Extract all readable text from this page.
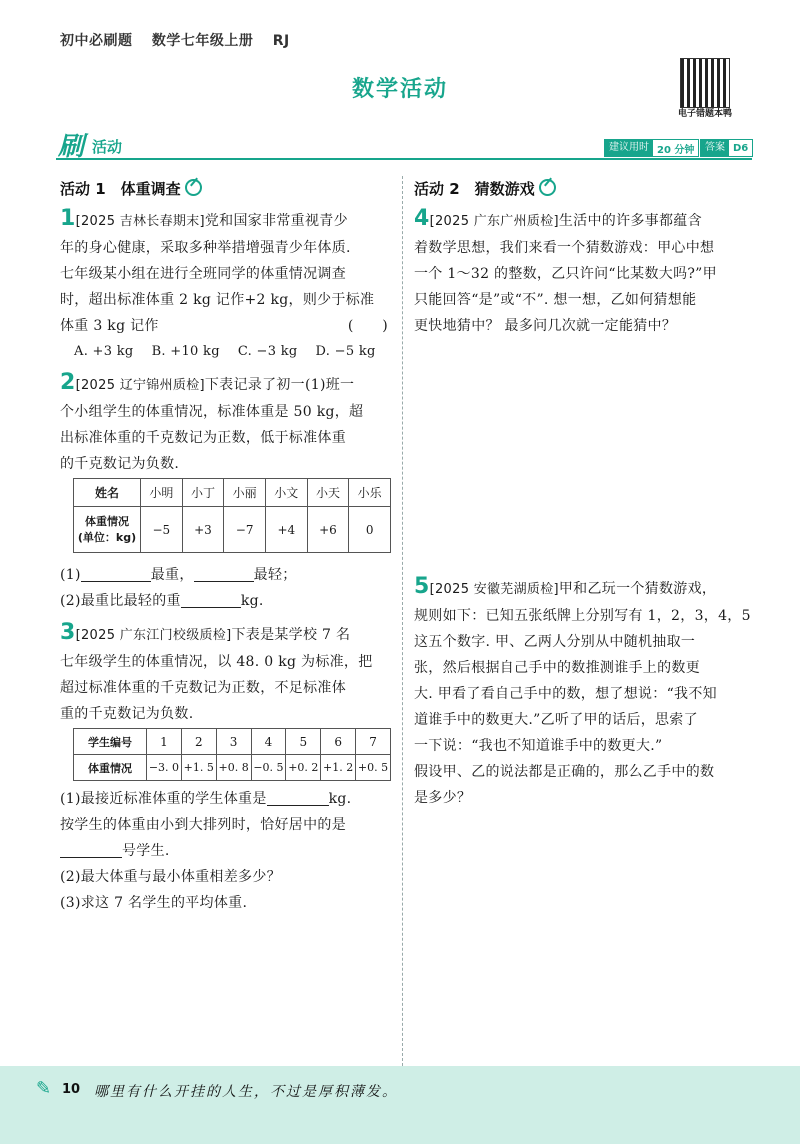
初中必刷题 数学七年级上册 RJ
数学活动
电子错题本鸭
刷 活动	建议用时 20 分钟	答案 D6
活动 1　体重调查
1[2025 吉林长春期末]党和国家非常重视青少
年的身心健康，采取多种举措增强青少年体质.
七年级某小组在进行全班同学的体重情况调查
时，超出标准体重 2 kg 记作+2 kg，则少于标准
体重 3 kg 记作	(　　)
A. +3 kg B. +10 kg C. −3 kg D. −5 kg
2[2025 辽宁锦州质检]下表记录了初一(1)班一
个小组学生的体重情况，标准体重是 50 kg，超
出标准体重的千克数记为正数，低于标准体重
的千克数记为负数.
姓名	小明	小丁	小丽	小文	小天	小乐

体重情况
(单位：kg)	−5	+3	−7	+4	+6	0
(1)	最重，	最轻；
(2)最重比最轻的重	kg.
3[2025 广东江门校级质检]下表是某学校 7 名
七年级学生的体重情况，以 48. 0 kg 为标准，把
超过标准体重的千克数记为正数，不足标准体
重的千克数记为负数.
学生编号	1	2	3	4	5	6	7
体重情况	−3. 0	+1. 5	+0. 8	−0. 5	+0. 2	+1. 2	+0. 5
(1)最接近标准体重的学生体重是	kg.
按学生的体重由小到大排列时，恰好居中的是
号学生.
(2)最大体重与最小体重相差多少？
(3)求这 7 名学生的平均体重.
活动 2　猜数游戏
4[2025 广东广州质检]生活中的许多事都蕴含
着数学思想，我们来看一个猜数游戏：甲心中想
一个 1～32 的整数，乙只许问“比某数大吗?”甲
只能回答“是”或“不”. 想一想，乙如何猜想能
更快地猜中？ 最多问几次就一定能猜中？
5[2025 安徽芜湖质检]甲和乙玩一个猜数游戏，
规则如下：已知五张纸牌上分别写有 1，2，3，4，5
这五个数字. 甲、乙两人分别从中随机抽取一
张，然后根据自己手中的数推测谁手上的数更
大. 甲看了看自己手中的数，想了想说：“我不知
道谁手中的数更大.”乙听了甲的话后，思索了
一下说：“我也不知道谁手中的数更大.”
假设甲、乙的说法都是正确的，那么乙手中的数
是多少？
✎ 10 哪里有什么开挂的人生，不过是厚积薄发。
